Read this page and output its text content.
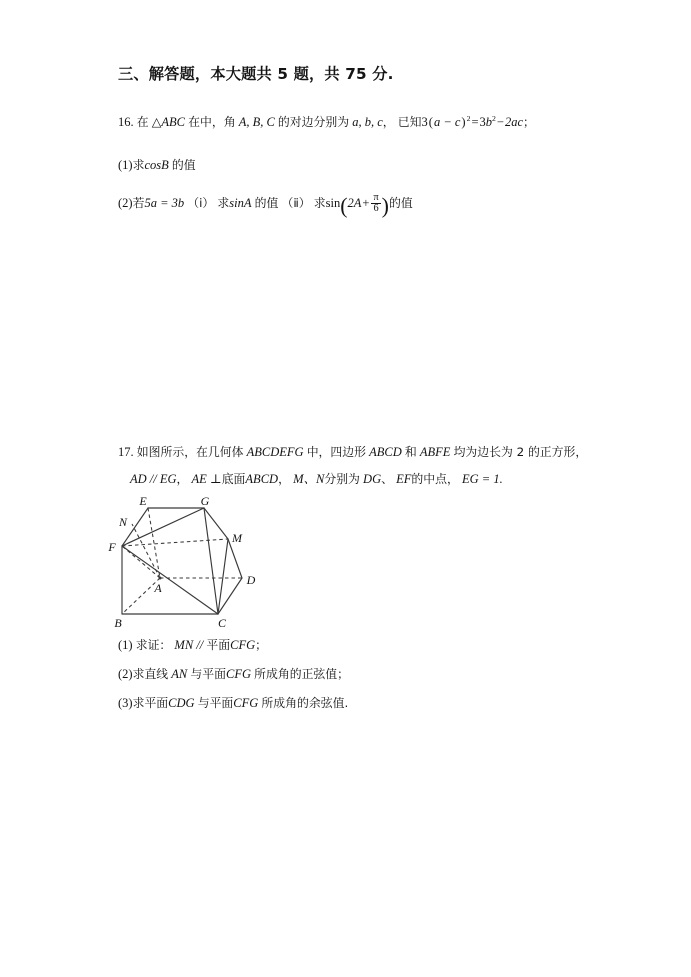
三、解答题，本大题共 5 题，共 75 分.
16. 在 △ABC 在中，角 A, B, C 的对边分别为 a, b, c， 已知$3(a - c)^2=3b^2-2ac$；
(1)求cosB 的值
(2)若5a = 3b （ⅰ） 求sinA 的值 （ⅱ） 求$\sin(2A+ \frac{\pi}{6}$ )的值
17. 如图所示，在几何体 ABCDEFG 中，四边形 ABCD 和 ABFE 均为边长为 2 的正方形，
AD // EG， AE ⊥底面ABCD， M、N分别为 DG、 EF的中点， EG = 1.
E	G
N
F
M
A
D
B	C
(1) 求证： MN // 平面CFG；
(2)求直线 AN 与平面CFG 所成角的正弦值；
(3)求平面CDG 与平面CFG 所成角的余弦值.
